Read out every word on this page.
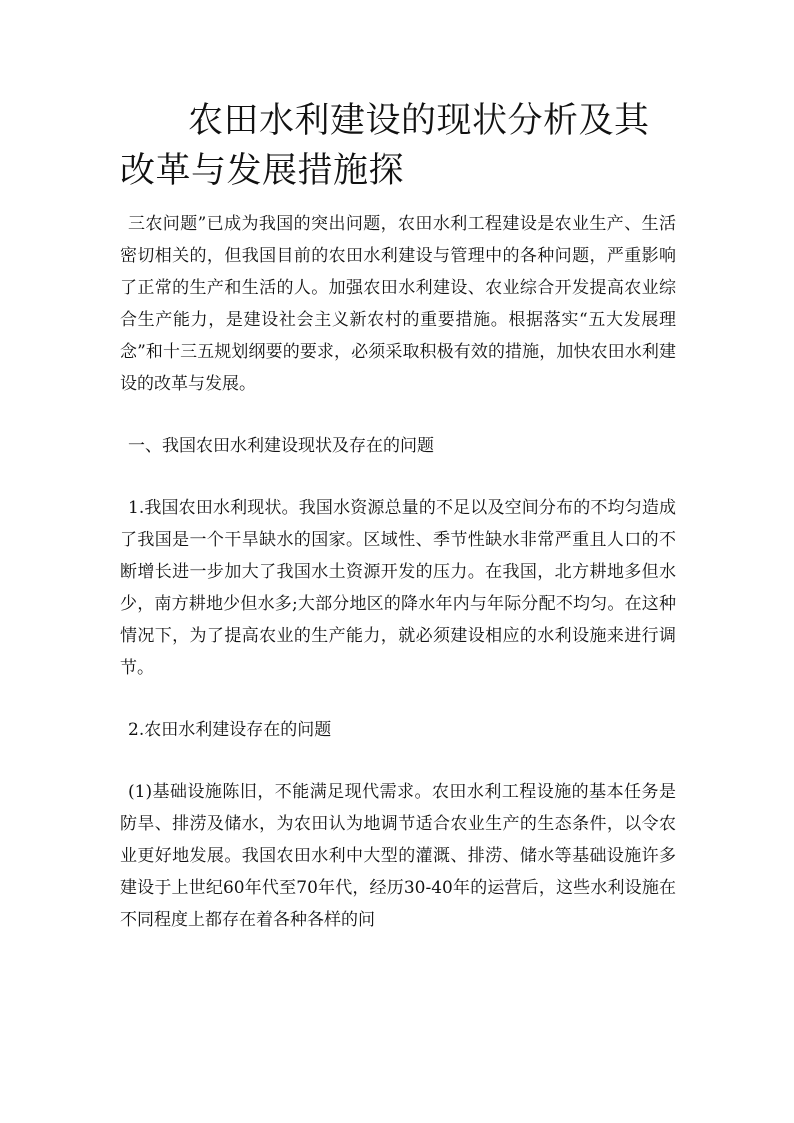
农田水利建设的现状分析及其改革与发展措施探

三农问题”已成为我国的突出问题，农田水利工程建设是农业生产、生活密切相关的，但我国目前的农田水利建设与管理中的各种问题，严重影响了正常的生产和生活的人。加强农田水利建设、农业综合开发提高农业综合生产能力，是建设社会主义新农村的重要措施。根据落实“五大发展理念”和十三五规划纲要的要求，必须采取积极有效的措施，加快农田水利建设的改革与发展。

一、我国农田水利建设现状及存在的问题

1.我国农田水利现状。我国水资源总量的不足以及空间分布的不均匀造成了我国是一个干旱缺水的国家。区域性、季节性缺水非常严重且人口的不断增长进一步加大了我国水土资源开发的压力。在我国，北方耕地多但水少，南方耕地少但水多;大部分地区的降水年内与年际分配不均匀。在这种情况下，为了提高农业的生产能力，就必须建设相应的水利设施来进行调节。

2.农田水利建设存在的问题

(1)基础设施陈旧，不能满足现代需求。农田水利工程设施的基本任务是防旱、排涝及储水，为农田认为地调节适合农业生产的生态条件，以令农业更好地发展。我国农田水利中大型的灌溉、排涝、储水等基础设施许多建设于上世纪60年代至70年代，经历30-40年的运营后，这些水利设施在不同程度上都存在着各种各样的问
